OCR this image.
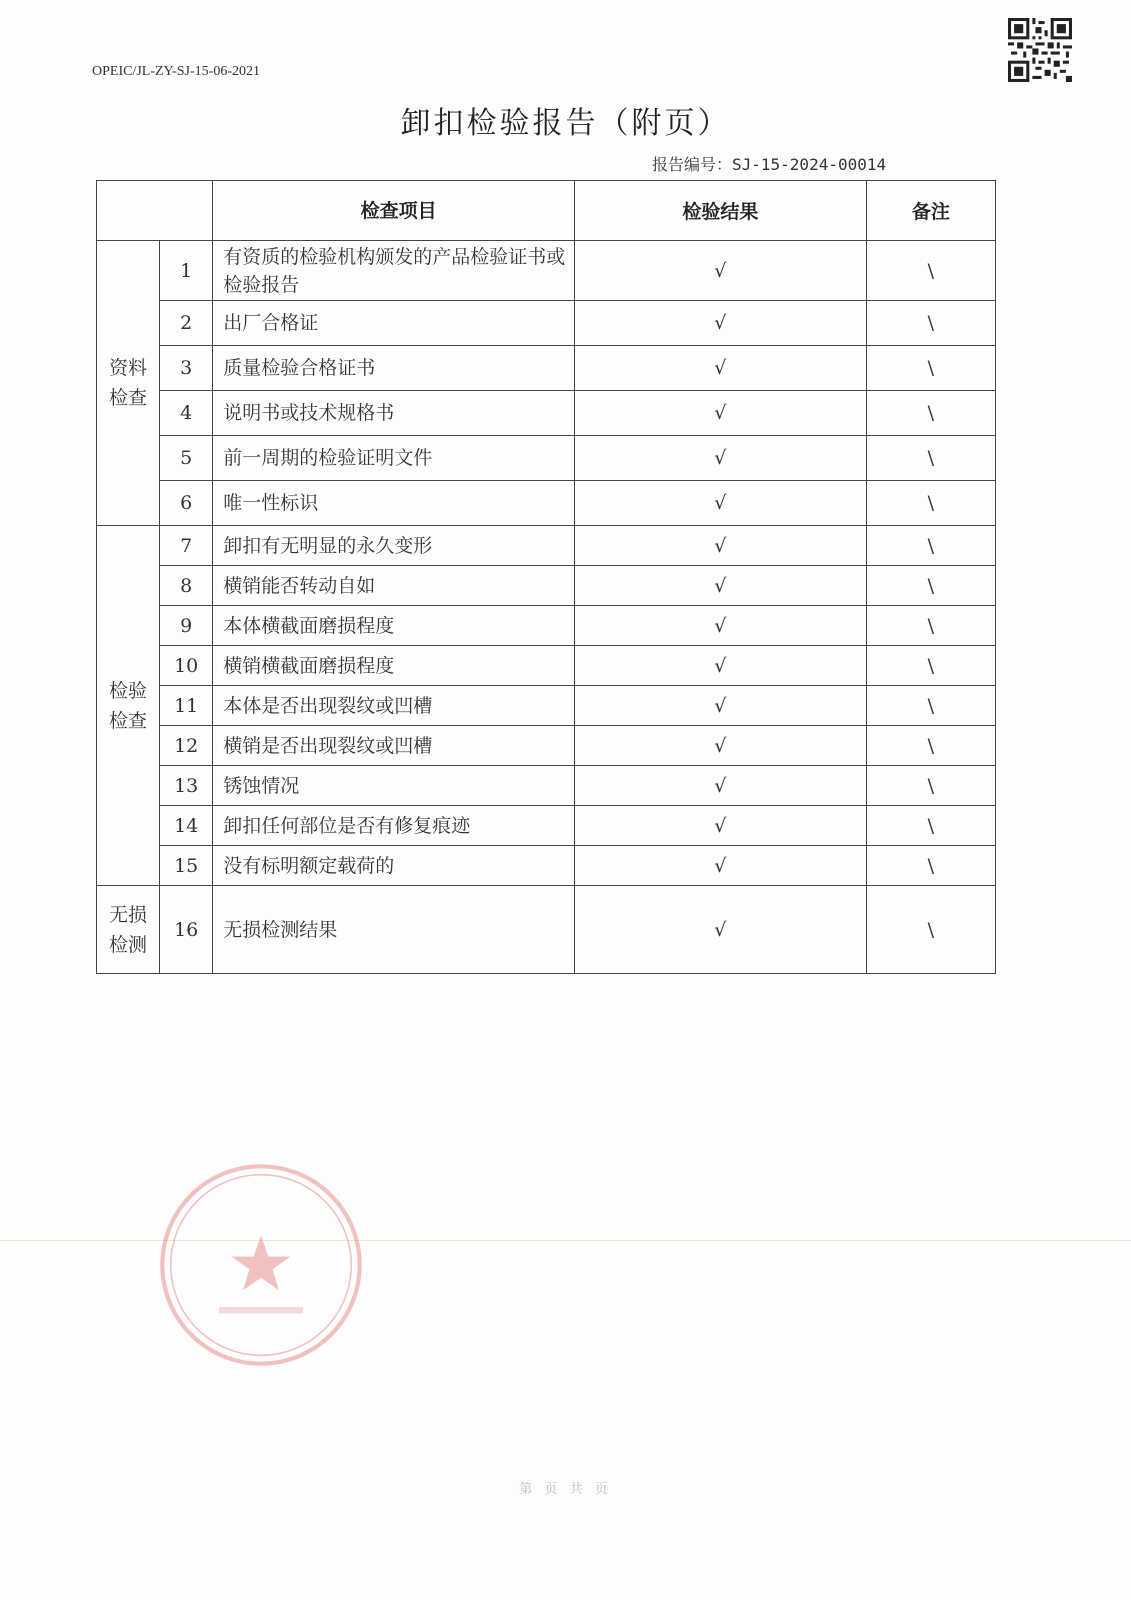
OPEIC/JL-ZY-SJ-15-06-2021
卸扣检验报告（附页）
报告编号：SJ-15-2024-00014
		检查项目	检验结果	备注

资料检查	1	有资质的检验机构颁发的产品检验证书或检验报告	√	\
	2	出厂合格证	√	\
	3	质量检验合格证书	√	\
	4	说明书或技术规格书	√	\
	5	前一周期的检验证明文件	√	\
	6	唯一性标识	√	\

检验检查	7	卸扣有无明显的永久变形	√	\
	8	横销能否转动自如	√	\
	9	本体横截面磨损程度	√	\
	10	横销横截面磨损程度	√	\
	11	本体是否出现裂纹或凹槽	√	\
	12	横销是否出现裂纹或凹槽	√	\
	13	锈蚀情况	√	\
	14	卸扣任何部位是否有修复痕迹	√	\
	15	没有标明额定载荷的	√	\

无损检测	16	无损检测结果	√	\
第 页 共 页
